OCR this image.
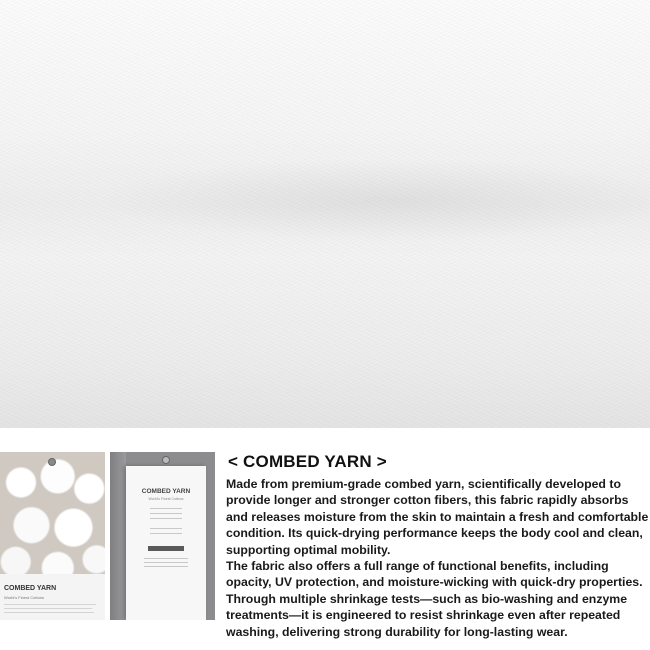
COMBED YARN
World's Finest Cottons
COMBED YARN
World's Finest Cottons
< COMBED YARN >

Made from premium-grade combed yarn, scientifically developed to provide longer and stronger cotton fibers, this fabric rapidly absorbs and releases moisture from the skin to maintain a fresh and comfortable condition. Its quick-drying performance keeps the body cool and clean, supporting optimal mobility.

The fabric also offers a full range of functional benefits, including opacity, UV protection, and moisture-wicking with quick-dry properties. Through multiple shrinkage tests—such as bio-washing and enzyme treatments—it is engineered to resist shrinkage even after repeated washing, delivering strong durability for long-lasting wear.
